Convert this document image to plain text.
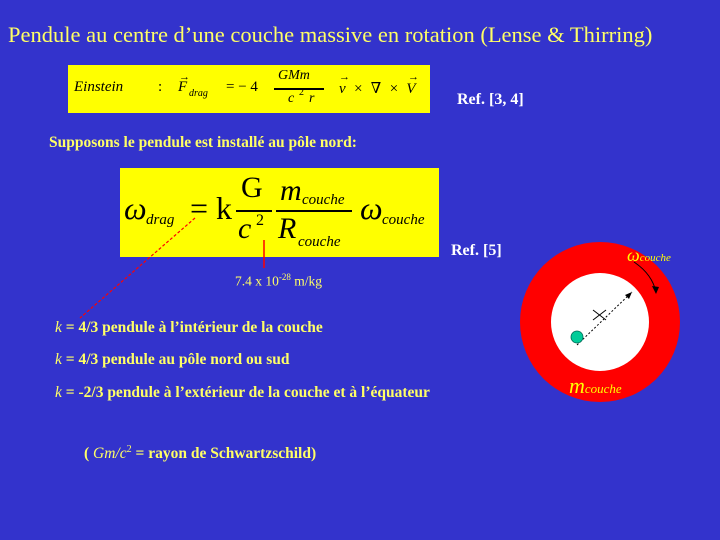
Pendule au centre d’une couche massive en rotation (Lense & Thirring)
Einstein : F
→
drag = − 4
GMm
c 2 r
v  ×  ∇  ×  V
→	→
Ref. [3, 4]
Supposons le pendule est installé au pôle nord:
ω drag = k
G
c 2
m couche
R couche
ω couche
Ref. [5]
7.4 x $10^{-28}$ m/kg
k = 4/3 pendule à l’intérieur de la couche
k = 4/3 pendule au pôle nord ou sud
k = -2/3 pendule à l’extérieur de la couche et à l’équateur
( $Gm/c^2$ = rayon de Schwartzschild)
ωcouche
mcouche
